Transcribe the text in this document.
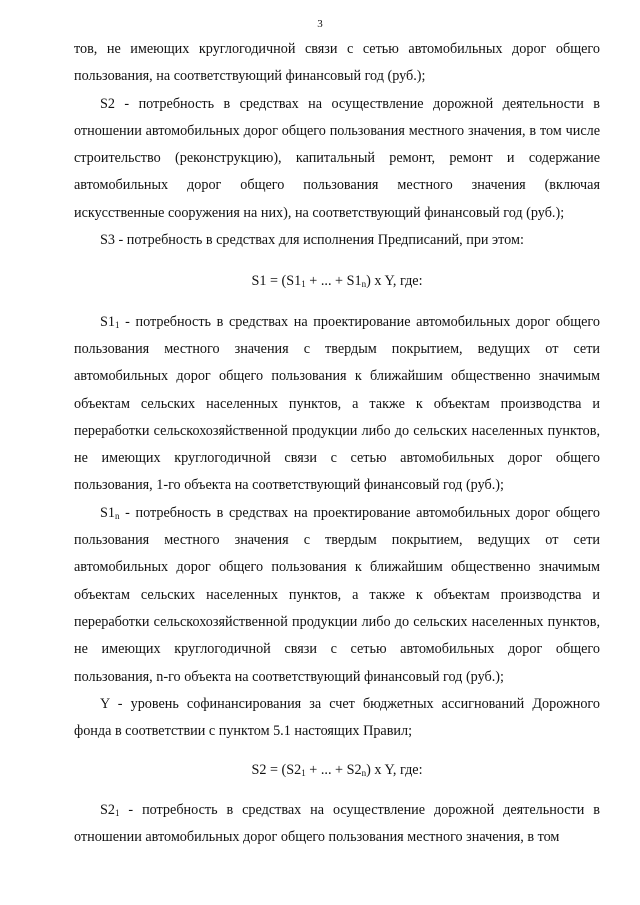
3

тов, не имеющих круглогодичной связи с сетью автомобильных дорог общего пользования, на соответствующий финансовый год (руб.);

S2 - потребность в средствах на осуществление дорожной деятельности в отношении автомобильных дорог общего пользования местного значения, в том числе строительство (реконструкцию), капитальный ремонт, ремонт и содержание автомобильных дорог общего пользования местного значения (включая искусственные сооружения на них), на соответствующий финансовый год (руб.);

S3 - потребность в средствах для исполнения Предписаний, при этом:

$S1 = (S1_1$ + ... + $S1_n$) x Y, где:

$S1_1$ - потребность в средствах на проектирование автомобильных дорог общего пользования местного значения с твердым покрытием, ведущих от сети автомобильных дорог общего пользования к ближайшим общественно значимым объектам сельских населенных пунктов, а также к объектам производства и переработки сельскохозяйственной продукции либо до сельских населенных пунктов, не имеющих круглогодичной связи с сетью автомобильных дорог общего пользования, 1-го объекта на соответствующий финансовый год (руб.);

$S1_n$ - потребность в средствах на проектирование автомобильных дорог общего пользования местного значения с твердым покрытием, ведущих от сети автомобильных дорог общего пользования к ближайшим общественно значимым объектам сельских населенных пунктов, а также к объектам производства и переработки сельскохозяйственной продукции либо до сельских населенных пунктов, не имеющих круглогодичной связи с сетью автомобильных дорог общего пользования, n-го объекта на соответствующий финансовый год (руб.);

Y - уровень софинансирования за счет бюджетных ассигнований Дорожного фонда в соответствии с пунктом 5.1 настоящих Правил;

$S2 = (S2_1$ + ... + $S2_n$) x Y, где:

$S2_1$ - потребность в средствах на осуществление дорожной деятельности в отношении автомобильных дорог общего пользования местного значения, в том
